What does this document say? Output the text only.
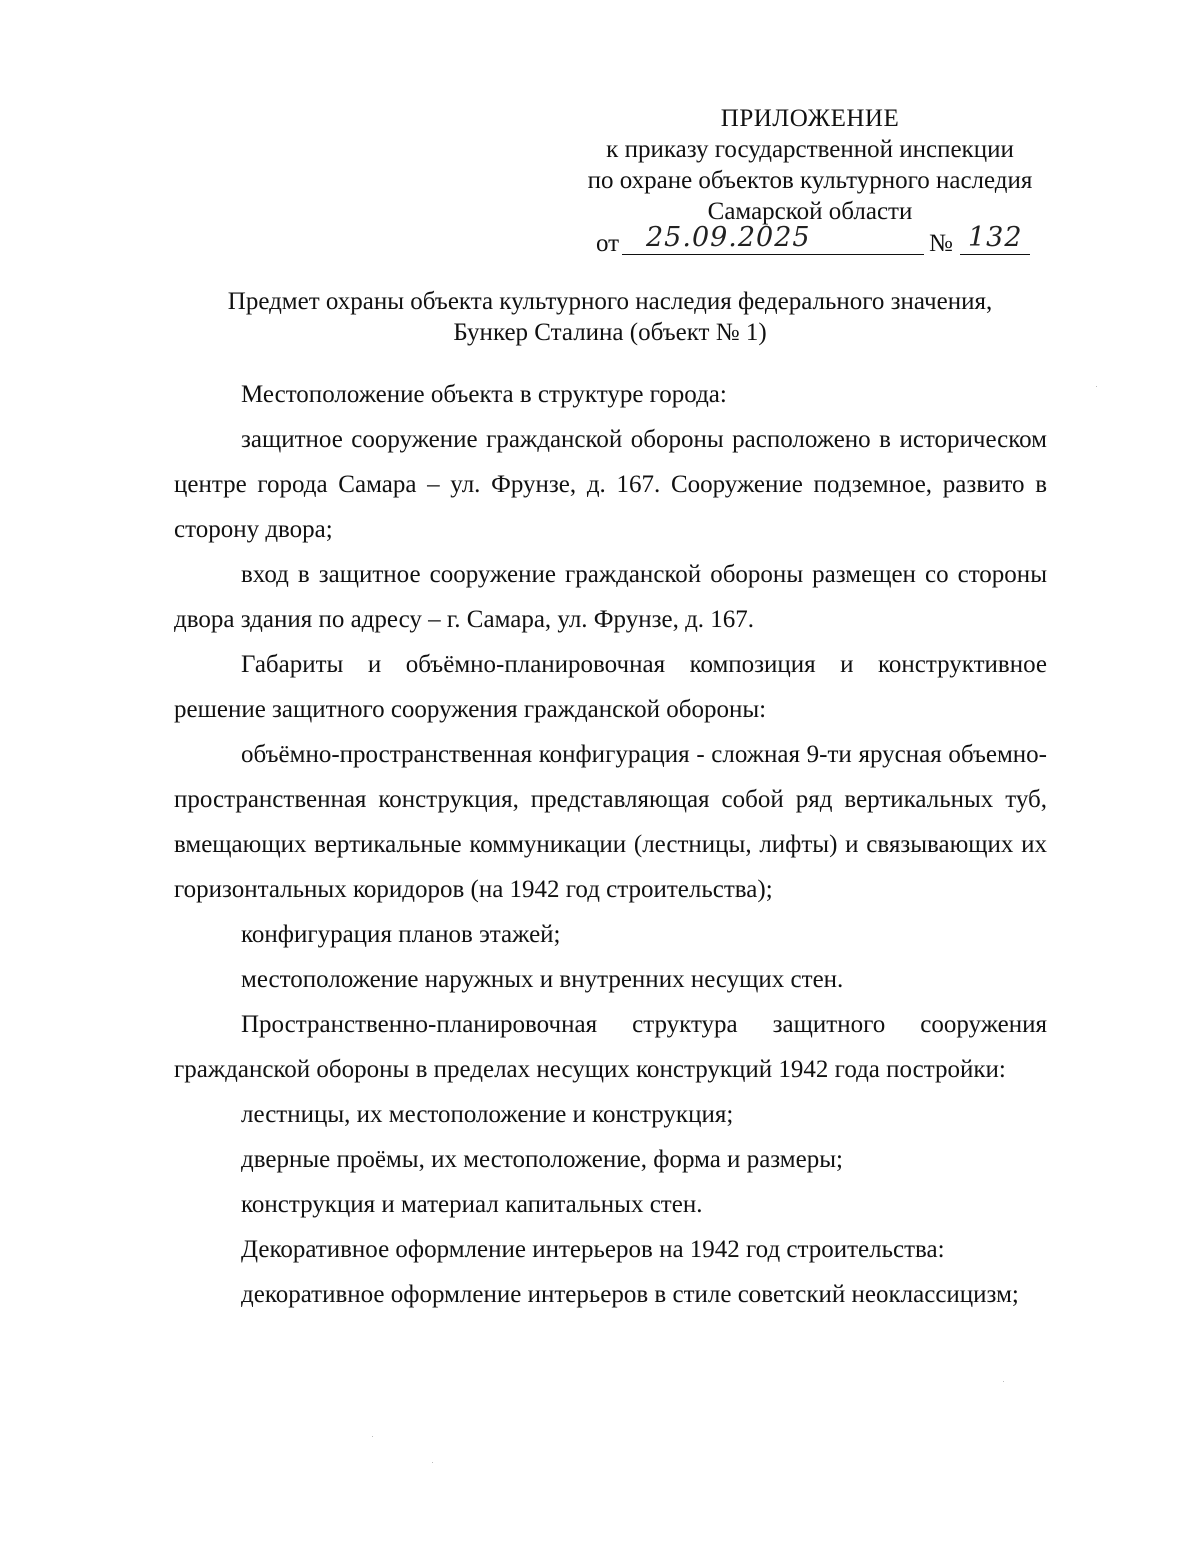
ПРИЛОЖЕНИЕ
к приказу государственной инспекции
по охране объектов культурного наследия
Самарской области
от 25.09.2025	№ 132
Предмет охраны объекта культурного наследия федерального значения,
Бункер Сталина (объект № 1)

Местоположение объекта в структуре города:

защитное сооружение гражданской обороны расположено в историческом центре города Самара – ул. Фрунзе, д. 167. Сооружение подземное, развито в сторону двора;

вход в защитное сооружение гражданской обороны размещен со стороны двора здания по адресу – г. Самара, ул. Фрунзе, д. 167.

Габариты и объёмно-планировочная композиция и конструктивное решение защитного сооружения гражданской обороны:

объёмно-пространственная конфигурация - сложная 9-ти ярусная объемно-пространственная конструкция, представляющая собой ряд вертикальных туб, вмещающих вертикальные коммуникации (лестницы, лифты) и связывающих их горизонтальных коридоров (на 1942 год строительства);

конфигурация планов этажей;

местоположение наружных и внутренних несущих стен.

Пространственно-планировочная структура защитного сооружения гражданской обороны в пределах несущих конструкций 1942 года постройки:

лестницы, их местоположение и конструкция;

дверные проёмы, их местоположение, форма и размеры;

конструкция и материал капитальных стен.

Декоративное оформление интерьеров на 1942 год строительства:

декоративное оформление интерьеров в стиле советский неоклассицизм;
